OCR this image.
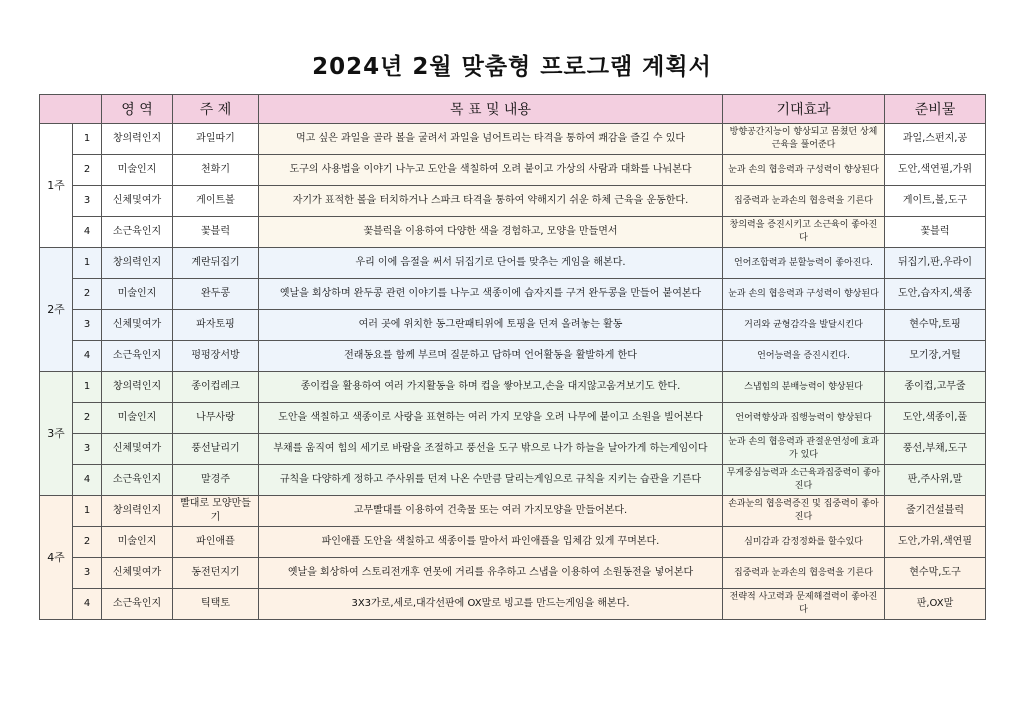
2024년 2월 맞춤형 프로그램 계획서
		영 역	주 제	목 표 및 내용	기대효과	준비물
1주	1	창의력인지	과일따기	먹고 싶은 과일을 골라 볼을 굴려서 과일을 넘어트리는 타격을 통하여 쾌감을 즐길 수 있다	방향공간지능이 향상되고 몸쳤던 상체근육을 풀어준다	과일,스펀지,공
	2	미술인지	천화기	도구의 사용법을 이야기 나누고 도안을 색칠하여 오려 붙이고 가상의 사람과 대화를 나눠본다	눈과 손의 협응력과 구성력이 향상된다	도안,색연필,가위
	3	신체및여가	게이트볼	자기가 표적한 볼을 터치하거나 스파크 타격을 통하여 약해지기 쉬운 하체 근육을 운동한다.	집중력과 눈과손의 협응력을 기른다	게이트,볼,도구
	4	소근육인지	꽃블럭	꽃블럭을 이용하여 다양한 색을 경험하고, 모양을 만들면서	창의력을 증진시키고 소근육이 좋아진다	꽃블럭
2주	1	창의력인지	계란뒤집기	우리 이에 음절을 써서 뒤집기로 단어를 맞추는 게임을 해본다.	언어조합력과 분할능력이 좋아진다.	뒤집기,판,우라이
	2	미술인지	완두콩	옛날을 회상하며 완두콩 관련 이야기를 나누고 색종이에 습자지를 구겨 완두콩을 만들어 붙여본다	눈과 손의 협응력과 구성력이 향상된다	도안,습자지,색종
	3	신체및여가	파자토핑	여러 곳에 위치한 동그란패티위에 토핑을 던져 올려놓는 활동	거리와 균형감각을 발달시킨다	현수막,토핑
	4	소근육인지	펑펑장서방	전래동요를 함께 부르며 질문하고 답하며 언어활동을 활발하게 한다	언어능력을 증진시킨다.	모기장,거털
3주	1	창의력인지	종이컵레크	종이컵을 활용하여 여러 가지활동을 하며 컵을 쌓아보고,손을 대지않고움겨보기도 한다.	스냅힘의 분배능력이 향상된다	종이컵,고무줄
	2	미술인지	나무사랑	도안을 색칠하고 색종이로 사랑을 표현하는 여러 가지 모양을 오려 나무에 붙이고 소원을 빌어본다	언어력향상과 집행능력이 향상된다	도안,색종이,풀
	3	신체및여가	풍선날리기	부채를 움직여 힘의 세기로 바람을 조절하고 풍선을 도구 밖으로 나가 하늘을 날아가게 하는게임이다	눈과 손의 협응력과 관절운연성에 효과가 있다	풍선,부채,도구
	4	소근육인지	말경주	규칙을 다양하게 정하고 주사위를 던져 나온 수만큼 달리는게임으로 규칙을 지키는 습관을 기른다	무게중심능력과 소근육과집중력이 좋아진다	판,주사위,말
4주	1	창의력인지	빨대로 모양만들기	고무빨대를 이용하여 건축물 또는 여러 가지모양을 만들어본다.	손과눈의 협응력증진 및 집중력이 좋아진다	줄기건설블럭
	2	미술인지	파인애플	파인애플 도안을 색칠하고 색종이를 말아서 파인애플을 입체감 있게 꾸며본다.	심미감과 감정정화를 할수있다	도안,가위,색연필
	3	신체및여가	동전던지기	옛날을 회상하여 스토리전개후 연못에 거리를 유추하고 스냅을 이용하여 소원동전을 넣어본다	집중력과 눈과손의 협응력을 기른다	현수막,도구
	4	소근육인지	틱택토	3X3가로,세로,대각선판에 OX말로 빙고를 만드는게임을 해본다.	전략적 사고력과 문제해결력이 좋아진다	판,OX말
